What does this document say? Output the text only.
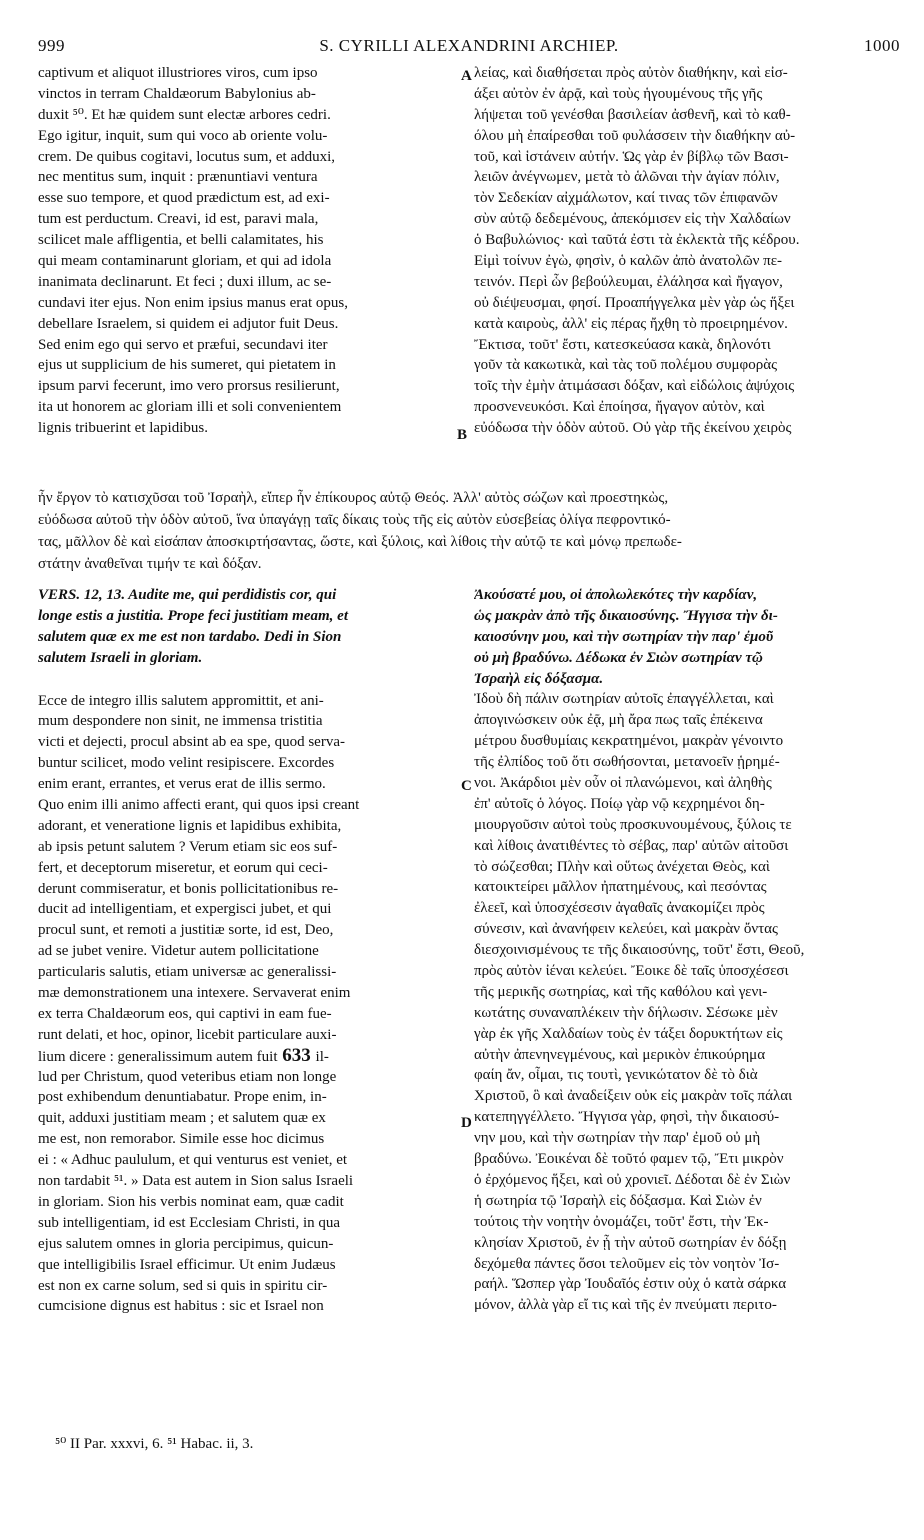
999	S. CYRILLI ALEXANDRINI ARCHIEP.	1000
captivum et aliquot illustriores viros, cum ipso
vinctos in terram Chaldæorum Babylonius ab-
duxit ⁵⁰. Et hæ quidem sunt electæ arbores cedri.
Ego igitur, inquit, sum qui voco ab oriente volu-
crem. De quibus cogitavi, locutus sum, et adduxi,
nec mentitus sum, inquit : prænuntiavi ventura
esse suo tempore, et quod prædictum est, ad exi-
tum est perductum. Creavi, id est, paravi mala,
scilicet male affligentia, et belli calamitates, his
qui meam contaminarunt gloriam, et qui ad idola
inanimata declinarunt. Et feci ; duxi illum, ac se-
cundavi iter ejus. Non enim ipsius manus erat opus,
debellare Israelem, si quidem ei adjutor fuit Deus.
Sed enim ego qui servo et præfui, secundavi iter
ejus ut supplicium de his sumeret, qui pietatem in
ipsum parvi fecerunt, imo vero prorsus resilierunt,
ita ut honorem ac gloriam illi et soli convenientem
lignis tribuerint et lapidibus.
λείας, καὶ διαθήσεται πρὸς αὐτὸν διαθήκην, καὶ εἰσ-
άξει αὐτὸν ἐν ἀρᾷ, καὶ τοὺς ἡγουμένους τῆς γῆς
λήψεται τοῦ γενέσθαι βασιλείαν ἀσθενῆ, καὶ τὸ καθ-
όλου μὴ ἐπαίρεσθαι τοῦ φυλάσσειν τὴν διαθήκην αὐ-
τοῦ, καὶ ἱστάνειν αὐτήν. Ὡς γὰρ ἐν βίβλῳ τῶν Βασι-
λειῶν ἀνέγνωμεν, μετὰ τὸ ἁλῶναι τὴν ἁγίαν πόλιν,
τὸν Σεδεκίαν αἰχμάλωτον, καί τινας τῶν ἐπιφανῶν
σὺν αὐτῷ δεδεμένους, ἀπεκόμισεν εἰς τὴν Χαλδαίων
ὁ Βαβυλώνιος· καὶ ταῦτά ἐστι τὰ ἐκλεκτὰ τῆς κέδρου.
Εἰμὶ τοίνυν ἐγὼ, φησὶν, ὁ καλῶν ἀπὸ ἀνατολῶν πε-
τεινόν. Περὶ ὧν βεβούλευμαι, ἐλάλησα καὶ ἤγαγον,
οὐ διέψευσμαι, φησί. Προαπήγγελκα μὲν γὰρ ὡς ἥξει
κατὰ καιροὺς, ἀλλ' εἰς πέρας ἤχθη τὸ προειρημένον.
Ἔκτισα, τοῦτ' ἔστι, κατεσκεύασα κακὰ, δηλονότι
γοῦν τὰ κακωτικὰ, καὶ τὰς τοῦ πολέμου συμφορὰς
τοῖς τὴν ἐμὴν ἀτιμάσασι δόξαν, καὶ εἰδώλοις ἀψύχοις
προσνενευκόσι. Καὶ ἐποίησα, ἤγαγον αὐτὸν, καὶ
εὐόδωσα τὴν ὁδὸν αὐτοῦ. Οὐ γὰρ τῆς ἐκείνου χειρὸς
ἦν ἔργον τὸ κατισχῦσαι τοῦ Ἰσραὴλ, εἴπερ ἦν ἐπίκουρος αὐτῷ Θεός. Ἀλλ' αὐτὸς σώζων καὶ προεστηκὼς,
εὐόδωσα αὐτοῦ τὴν ὁδὸν αὐτοῦ, ἵνα ὑπαγάγῃ ταῖς δίκαις τοὺς τῆς εἰς αὐτὸν εὐσεβείας ὀλίγα πεφροντικό-
τας, μᾶλλον δὲ καὶ εἰσάπαν ἀποσκιρτήσαντας, ὥστε, καὶ ξύλοις, καὶ λίθοις τὴν αὐτῷ τε καὶ μόνῳ πρεπωδε-
στάτην ἀναθεῖναι τιμήν τε καὶ δόξαν.
VERS. 12, 13. Audite me, qui perdidistis cor, qui
longe estis a justitia. Prope feci justitiam meam, et
salutem quæ ex me est non tardabo. Dedi in Sion
salutem Israeli in gloriam.
Ecce de integro illis salutem appromittit, et ani-
mum despondere non sinit, ne immensa tristitia
victi et dejecti, procul absint ab ea spe, quod serva-
buntur scilicet, modo velint resipiscere. Excordes
enim erant, errantes, et verus erat de illis sermo.
Quo enim illi animo affecti erant, qui quos ipsi creant
adorant, et veneratione lignis et lapidibus exhibita,
ab ipsis petunt salutem ? Verum etiam sic eos suf-
fert, et deceptorum miseretur, et eorum qui ceci-
derunt commiseratur, et bonis pollicitationibus re-
ducit ad intelligentiam, et expergisci jubet, et qui
procul sunt, et remoti a justitiæ sorte, id est, Deo,
ad se jubet venire. Videtur autem pollicitatione
particularis salutis, etiam universæ ac generalissi-
mæ demonstrationem una intexere. Servaverat enim
ex terra Chaldæorum eos, qui captivi in eam fue-
runt delati, et hoc, opinor, licebit particulare auxi-
lium dicere : generalissimum autem fuit 633 il-
lud per Christum, quod veteribus etiam non longe
post exhibendum denuntiabatur. Prope enim, in-
quit, adduxi justitiam meam ; et salutem quæ ex
me est, non remorabor. Simile esse hoc dicimus
ei : « Adhuc paululum, et qui venturus est veniet, et
non tardabit ⁵¹. » Data est autem in Sion salus Israeli
in gloriam. Sion his verbis nominat eam, quæ cadit
sub intelligentiam, id est Ecclesiam Christi, in qua
ejus salutem omnes in gloria percipimus, quicun-
que intelligibilis Israel efficimur. Ut enim Judæus
est non ex carne solum, sed si quis in spiritu cir-
cumcisione dignus est habitus : sic et Israel non
Ἀκούσατέ μου, οἱ ἀπολωλεκότες τὴν καρδίαν,
ὡς μακρὰν ἀπὸ τῆς δικαιοσύνης. Ἤγγισα τὴν δι-
καιοσύνην μου, καὶ τὴν σωτηρίαν τὴν παρ' ἐμοῦ
οὐ μὴ βραδύνω. Δέδωκα ἐν Σιὼν σωτηρίαν τῷ
Ἰσραὴλ εἰς δόξασμα.
Ἰδοὺ δὴ πάλιν σωτηρίαν αὐτοῖς ἐπαγγέλλεται, καὶ
ἀπογινώσκειν οὐκ ἐᾷ, μὴ ἄρα πως ταῖς ἐπέκεινα
μέτρου δυσθυμίαις κεκρατημένοι, μακρὰν γένοιντο
τῆς ἐλπίδος τοῦ ὅτι σωθήσονται, μετανοεῖν ᾑρημέ-
νοι. Ἀκάρδιοι μὲν οὖν οἱ πλανώμενοι, καὶ ἀληθὴς
ἐπ' αὐτοῖς ὁ λόγος. Ποίῳ γὰρ νῷ κεχρημένοι δη-
μιουργοῦσιν αὐτοὶ τοὺς προσκυνουμένους, ξύλοις τε
καὶ λίθοις ἀνατιθέντες τὸ σέβας, παρ' αὐτῶν αἰτοῦσι
τὸ σώζεσθαι; Πλὴν καὶ οὕτως ἀνέχεται Θεὸς, καὶ
κατοικτείρει μᾶλλον ἠπατημένους, καὶ πεσόντας
ἐλεεῖ, καὶ ὑποσχέσεσιν ἀγαθαῖς ἀνακομίζει πρὸς
σύνεσιν, καὶ ἀνανήφειν κελεύει, καὶ μακρὰν ὄντας
διεσχοινισμένους τε τῆς δικαιοσύνης, τοῦτ' ἔστι, Θεοῦ,
πρὸς αὐτὸν ἰέναι κελεύει. Ἔοικε δὲ ταῖς ὑποσχέσεσι
τῆς μερικῆς σωτηρίας, καὶ τῆς καθόλου καὶ γενι-
κωτάτης συναναπλέκειν τὴν δήλωσιν. Σέσωκε μὲν
γὰρ ἐκ γῆς Χαλδαίων τοὺς ἐν τάξει δορυκτήτων εἰς
αὐτὴν ἀπενηνεγμένους, καὶ μερικὸν ἐπικούρημα
φαίη ἄν, οἶμαι, τις τουτὶ, γενικώτατον δὲ τὸ διὰ
Χριστοῦ, ὃ καὶ ἀναδείξειν οὐκ εἰς μακρὰν τοῖς πάλαι
κατεπηγγέλλετο. Ἤγγισα γὰρ, φησὶ, τὴν δικαιοσύ-
νην μου, καὶ τὴν σωτηρίαν τὴν παρ' ἐμοῦ οὐ μὴ
βραδύνω. Ἐοικέναι δὲ τοῦτό φαμεν τῷ, Ἔτι μικρὸν
ὁ ἐρχόμενος ἥξει, καὶ οὐ χρονιεῖ. Δέδοται δὲ ἐν Σιὼν
ἡ σωτηρία τῷ Ἰσραὴλ εἰς δόξασμα. Καὶ Σιὼν ἐν
τούτοις τὴν νοητὴν ὀνομάζει, τοῦτ' ἔστι, τὴν Ἐκ-
κλησίαν Χριστοῦ, ἐν ᾗ τὴν αὐτοῦ σωτηρίαν ἐν δόξῃ
δεχόμεθα πάντες ὅσοι τελοῦμεν εἰς τὸν νοητὸν Ἰσ-
ραήλ. Ὥσπερ γὰρ Ἰουδαῖός ἐστιν οὐχ ὁ κατὰ σάρκα
μόνον, ἀλλὰ γὰρ εἴ τις καὶ τῆς ἐν πνεύματι περιτο-
A
B
C
D
⁵⁰ II Par. xxxvi, 6. ⁵¹ Habac. ii, 3.
